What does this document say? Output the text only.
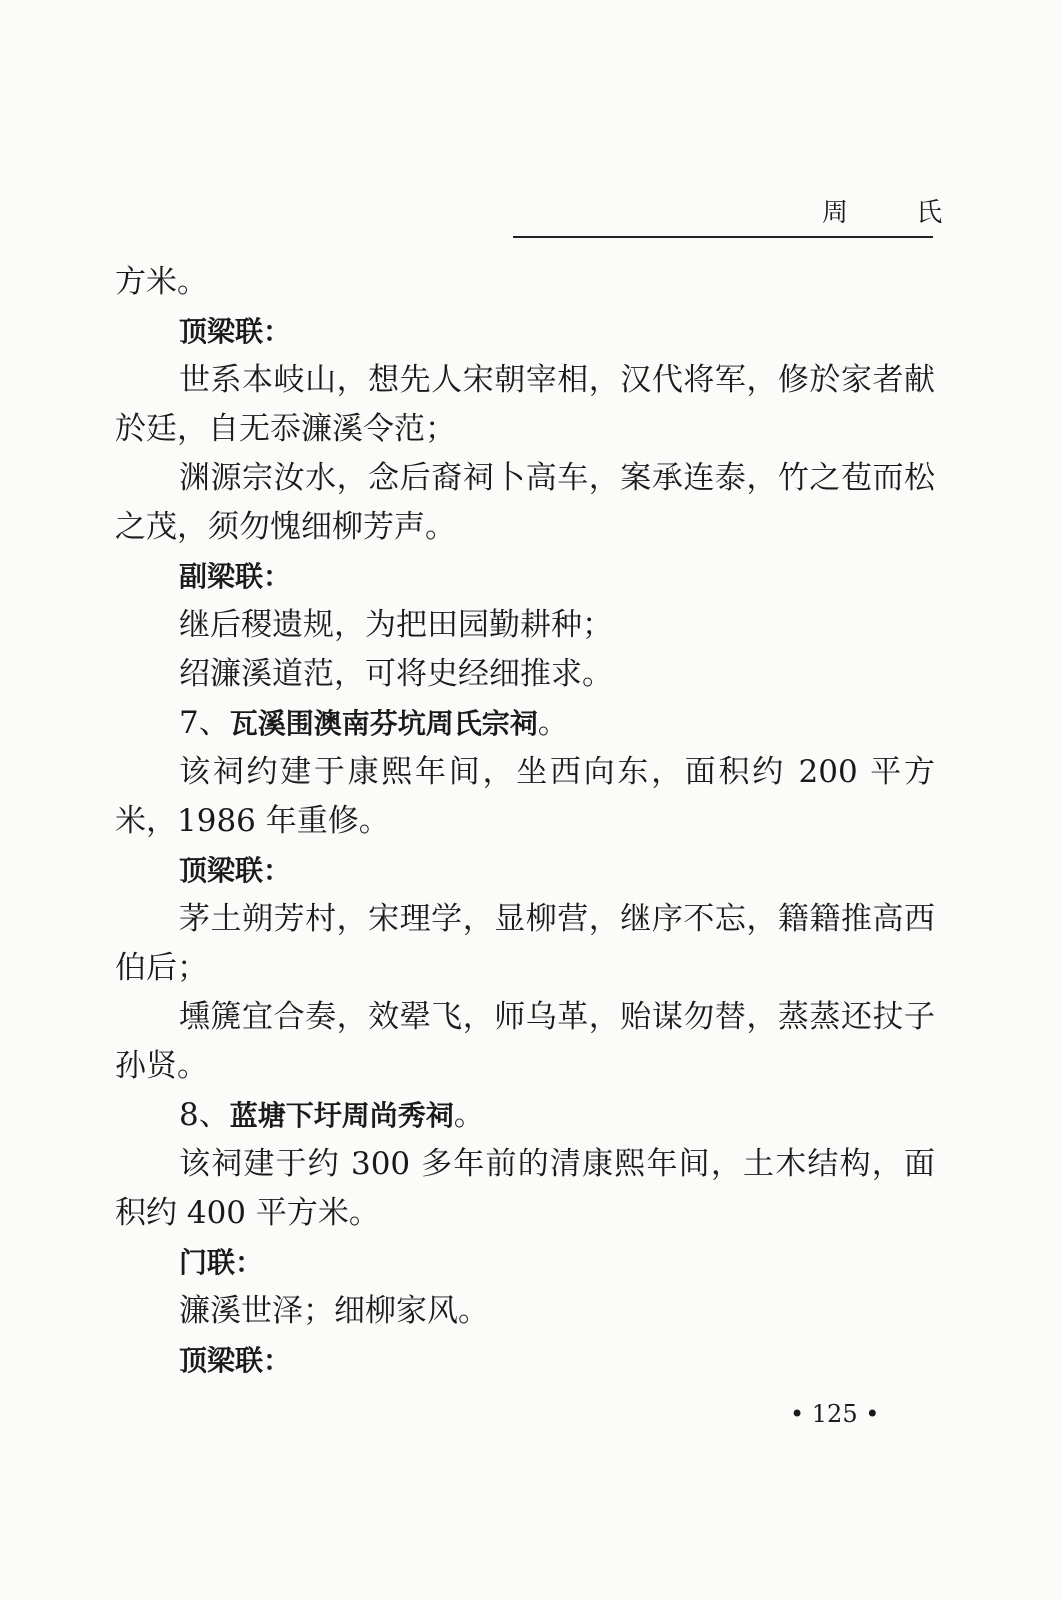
周 氏

方米。

顶梁联：

世系本岐山，想先人宋朝宰相，汉代将军，修於家者献於廷，自无忝濂溪令范；

渊源宗汝水，念后裔祠卜高车，案承连泰，竹之苞而松之茂，须勿愧细柳芳声。

副梁联：

继后稷遗规，为把田园勤耕种；

绍濂溪道范，可将史经细推求。

7、瓦溪围澳南芬坑周氏宗祠。

该祠约建于康熙年间，坐西向东，面积约 200 平方米，1986 年重修。

顶梁联：

茅土朔芳村，宋理学，显柳营，继序不忘，籍籍推高西伯后；

壎篪宜合奏，效翚飞，师乌革，贻谋勿替，蒸蒸还扙子孙贤。

8、蓝塘下圩周尚秀祠。

该祠建于约 300 多年前的清康熙年间，土木结构，面积约 400 平方米。

门联：

濂溪世泽；细柳家风。

顶梁联：

• 125 •
